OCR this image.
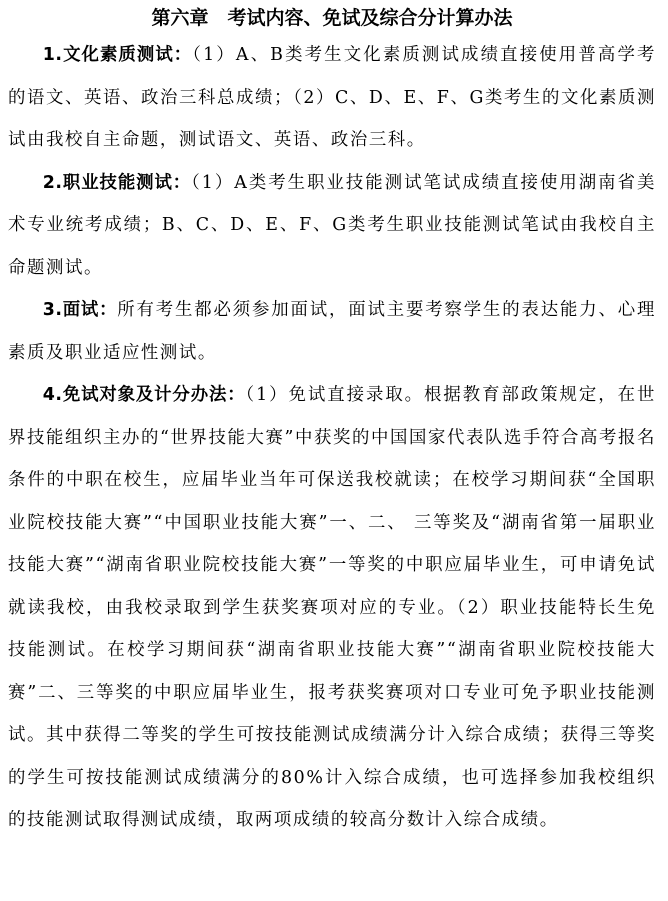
第六章　考试内容、免试及综合分计算办法

1.文化素质测试：（1）A、B类考生文化素质测试成绩直接使用普高学考的语文、英语、政治三科总成绩；（2）C、D、E、F、G类考生的文化素质测试由我校自主命题，测试语文、英语、政治三科。

2.职业技能测试：（1）A类考生职业技能测试笔试成绩直接使用湖南省美术专业统考成绩；B、C、D、E、F、G类考生职业技能测试笔试由我校自主命题测试。

3.面试：所有考生都必须参加面试，面试主要考察学生的表达能力、心理素质及职业适应性测试。

4.免试对象及计分办法：（1）免试直接录取。根据教育部政策规定，在世界技能组织主办的“世界技能大赛”中获奖的中国国家代表队选手符合高考报名条件的中职在校生，应届毕业当年可保送我校就读；在校学习期间获“全国职业院校技能大赛”“中国职业技能大赛”一、二、 三等奖及“湖南省第一届职业技能大赛”“湖南省职业院校技能大赛”一等奖的中职应届毕业生，可申请免试就读我校，由我校录取到学生获奖赛项对应的专业。（2）职业技能特长生免技能测试。在校学习期间获“湖南省职业技能大赛”“湖南省职业院校技能大赛”二、三等奖的中职应届毕业生，报考获奖赛项对口专业可免予职业技能测试。其中获得二等奖的学生可按技能测试成绩满分计入综合成绩；获得三等奖的学生可按技能测试成绩满分的80%计入综合成绩，也可选择参加我校组织的技能测试取得测试成绩，取两项成绩的较高分数计入综合成绩。
